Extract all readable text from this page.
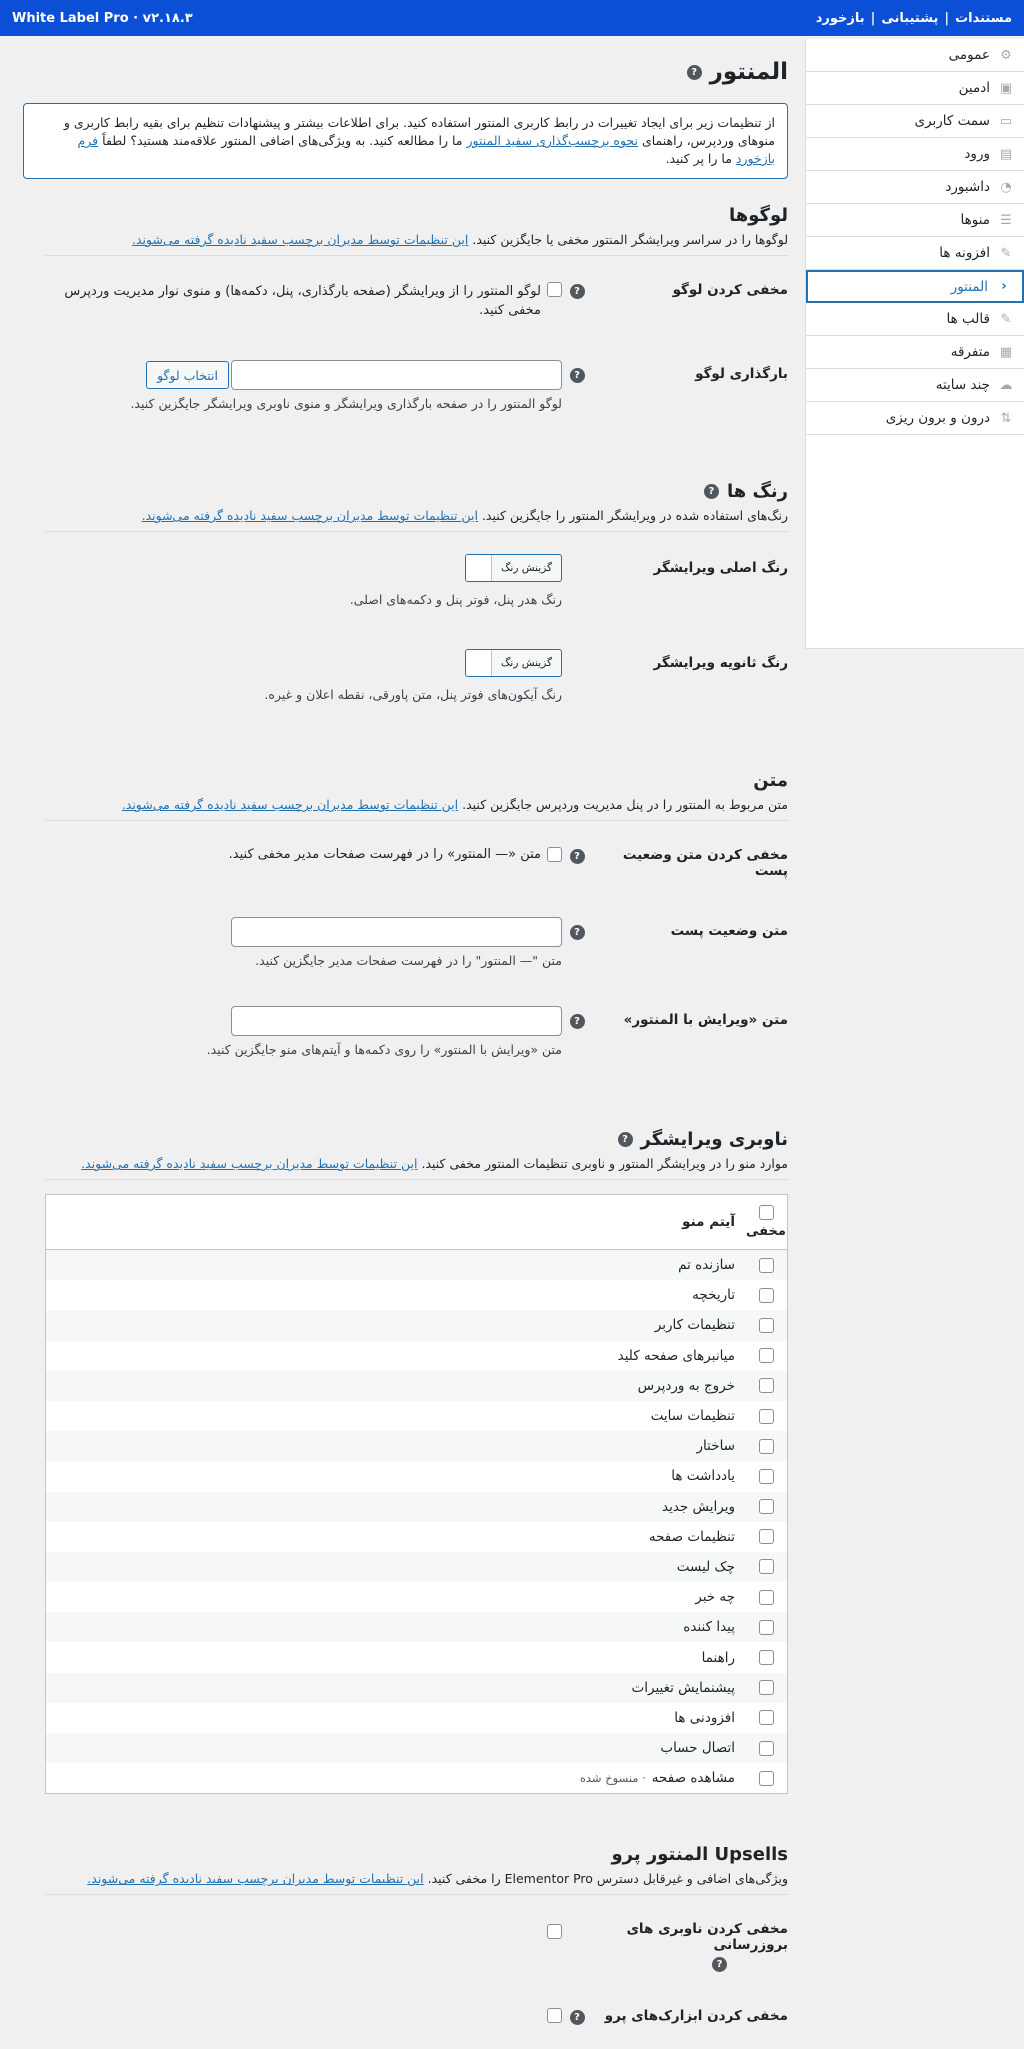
White Label Pro · v۲.۱۸.۳	مستندات|پشتیبانی|بازخورد
⚙
عمومی
▣
ادمین
▭
سمت کاربری
▤
ورود
◔
داشبورد
☰
منوها
✎
افزونه ها
‹
المنتور
✎
قالب ها
▦
متفرقه
☁
چند سایته
⇅
درون و برون ریزی
المنتور
?
از تنظیمات زیر برای ایجاد تغییرات در رابط کاربری المنتور استفاده کنید. برای اطلاعات بیشتر و پیشنهادات تنظیم برای بقیه رابط کاربری و منوهای وردپرس، راهنمای نحوه برچسب‌گذاری سفید المنتور ما را مطالعه کنید. به ویژگی‌های اضافی المنتور علاقه‌مند هستید؟ لطفاً فرم بازخورد ما را پر کنید.
لوگوها
لوگوها را در سراسر ویرایشگر المنتور مخفی یا جایگزین کنید. این تنظیمات توسط مدیران برچسب سفید نادیده گرفته می‌شوند.
مخفی کردن لوگو
?
لوگو المنتور را از ویرایشگر (صفحه بارگذاری، پنل، دکمه‌ها) و منوی نوار مدیریت وردپرس مخفی کنید.
بارگذاری لوگو
?
انتخاب لوگو
لوگو المنتور را در صفحه بارگذاری ویرایشگر و منوی ناوبری ویرایشگر جایگزین کنید.
رنگ ها
?
رنگ‌های استفاده شده در ویرایشگر المنتور را جایگزین کنید. این تنظیمات توسط مدیران برچسب سفید نادیده گرفته می‌شوند.
رنگ اصلی ویرایشگر
گزینش رنگ
رنگ هدر پنل، فوتر پنل و دکمه‌های اصلی.
رنگ ثانویه ویرایشگر
گزینش رنگ
رنگ آیکون‌های فوتر پنل، متن پاورقی، نقطه اعلان و غیره.
متن
متن مربوط به المنتور را در پنل مدیریت وردپرس جایگزین کنید. این تنظیمات توسط مدیران برچسب سفید نادیده گرفته می‌شوند.
مخفی کردن متن وضعیت پست
?
متن «— المنتور» را در فهرست صفحات مدیر مخفی کنید.
متن وضعیت پست
?
متن "— المنتور" را در فهرست صفحات مدیر جایگزین کنید.
متن «ویرایش با المنتور»
?
متن «ویرایش با المنتور» را روی دکمه‌ها و آیتم‌های منو جایگزین کنید.
ناوبری ویرایشگر
?
موارد منو را در ویرایشگر المنتور و ناوبری تنظیمات المنتور مخفی کنید. این تنظیمات توسط مدیران برچسب سفید نادیده گرفته می‌شوند.
مخفی
آیتم منو
سازنده تم
تاریخچه
تنظیمات کاربر
میانبرهای صفحه کلید
خروج به وردپرس
تنظیمات سایت
ساختار
یادداشت ها
ویرایش جدید
تنظیمات صفحه
چک لیست
چه خبر
پیدا کننده
راهنما
پیشنمایش تغییرات
افزودنی ها
اتصال حساب
مشاهده صفحه· منسوخ شده
Upsells المنتور پرو
ویژگی‌های اضافی و غیرقابل دسترس Elementor Pro را مخفی کنید. این تنظیمات توسط مدیران برچسب سفید نادیده گرفته می‌شوند.
مخفی کردن ناوبری های بروزرسانی
?
مخفی کردن ابزارک‌های پرو
?
